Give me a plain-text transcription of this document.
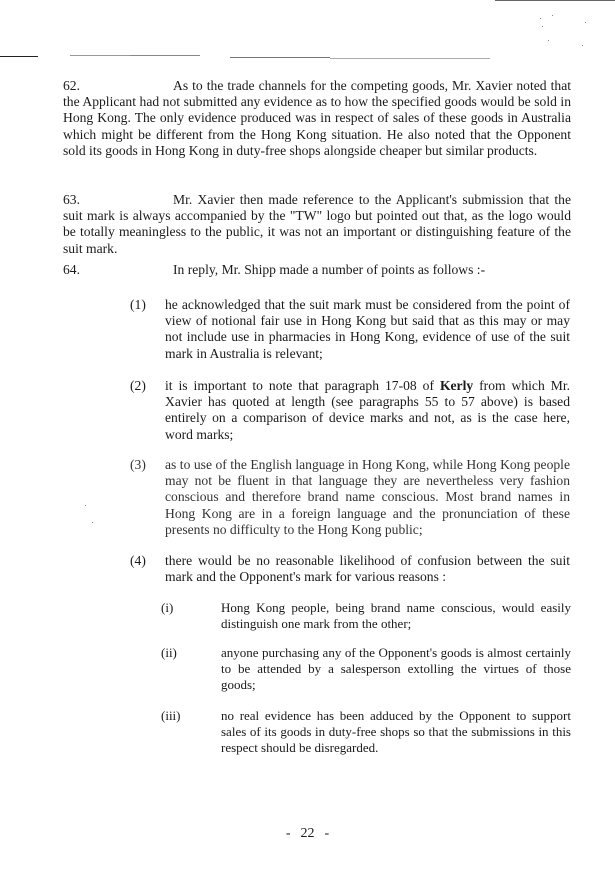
62.	As to the trade channels for the competing goods, Mr. Xavier noted that the Applicant had not submitted any evidence as to how the specified goods would be sold in Hong Kong. The only evidence produced was in respect of sales of these goods in Australia which might be different from the Hong Kong situation. He also noted that the Opponent sold its goods in Hong Kong in duty-free shops alongside cheaper but similar products.
63.	Mr. Xavier then made reference to the Applicant's submission that the suit mark is always accompanied by the "TW" logo but pointed out that, as the logo would be totally meaningless to the public, it was not an important or distinguishing feature of the suit mark.
64.	In reply, Mr. Shipp made a number of points as follows :-
(1) he acknowledged that the suit mark must be considered from the point of view of notional fair use in Hong Kong but said that as this may or may not include use in pharmacies in Hong Kong, evidence of use of the suit mark in Australia is relevant;
(2) it is important to note that paragraph 17-08 of Kerly from which Mr. Xavier has quoted at length (see paragraphs 55 to 57 above) is based entirely on a comparison of device marks and not, as is the case here, word marks;
(3) as to use of the English language in Hong Kong, while Hong Kong people may not be fluent in that language they are nevertheless very fashion conscious and therefore brand name conscious. Most brand names in Hong Kong are in a foreign language and the pronunciation of these presents no difficulty to the Hong Kong public;
(4) there would be no reasonable likelihood of confusion between the suit mark and the Opponent's mark for various reasons :
(i)	Hong Kong people, being brand name conscious, would easily distinguish one mark from the other;
(ii)	anyone purchasing any of the Opponent's goods is almost certainly to be attended by a salesperson extolling the virtues of those goods;
(iii)	no real evidence has been adduced by the Opponent to support sales of its goods in duty-free shops so that the submissions in this respect should be disregarded.
- 22 -
